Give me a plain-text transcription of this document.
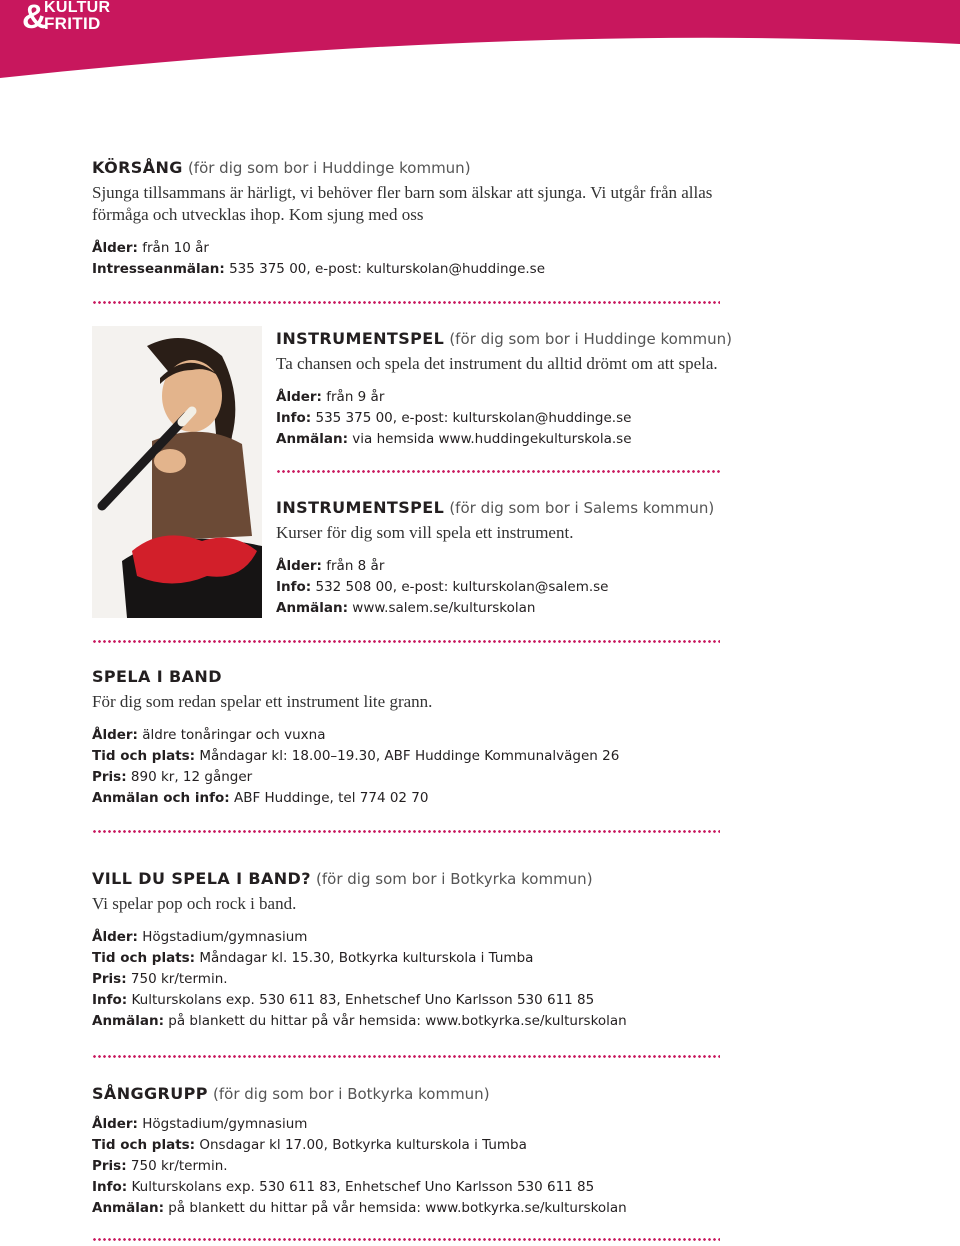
&
KULTUR
FRITID
KÖRSÅNG (för dig som bor i Huddinge kommun)
Sjunga tillsammans är härligt, vi behöver fler barn som älskar att sjunga. Vi utgår från allas förmåga och utvecklas ihop. Kom sjung med oss
Ålder: från 10 år
Intresseanmälan: 535 375 00, e-post: kulturskolan@huddinge.se
INSTRUMENTSPEL (för dig som bor i Huddinge kommun)
Ta chansen och spela det instrument du alltid drömt om att spela.
Ålder: från 9 år
Info: 535 375 00, e-post: kulturskolan@huddinge.se
Anmälan: via hemsida www.huddingekulturskola.se
INSTRUMENTSPEL (för dig som bor i Salems kommun)
Kurser för dig som vill spela ett instrument.
Ålder: från 8 år
Info: 532 508 00, e-post: kulturskolan@salem.se
Anmälan: www.salem.se/kulturskolan
SPELA I BAND
För dig som redan spelar ett instrument lite grann.
Ålder: äldre tonåringar och vuxna
Tid och plats: Måndagar kl: 18.00–19.30, ABF Huddinge Kommunalvägen 26
Pris: 890 kr, 12 gånger
Anmälan och info: ABF Huddinge, tel 774 02 70
VILL DU SPELA I BAND? (för dig som bor i Botkyrka kommun)
Vi spelar pop och rock i band.
Ålder: Högstadium/gymnasium
Tid och plats: Måndagar kl. 15.30, Botkyrka kulturskola i Tumba
Pris: 750 kr/termin.
Info: Kulturskolans exp. 530 611 83, Enhetschef Uno Karlsson 530 611 85
Anmälan: på blankett du hittar på vår hemsida: www.botkyrka.se/kulturskolan
SÅNGGRUPP (för dig som bor i Botkyrka kommun)
Ålder: Högstadium/gymnasium
Tid och plats: Onsdagar kl 17.00, Botkyrka kulturskola i Tumba
Pris: 750 kr/termin.
Info: Kulturskolans exp. 530 611 83, Enhetschef Uno Karlsson 530 611 85
Anmälan: på blankett du hittar på vår hemsida: www.botkyrka.se/kulturskolan
